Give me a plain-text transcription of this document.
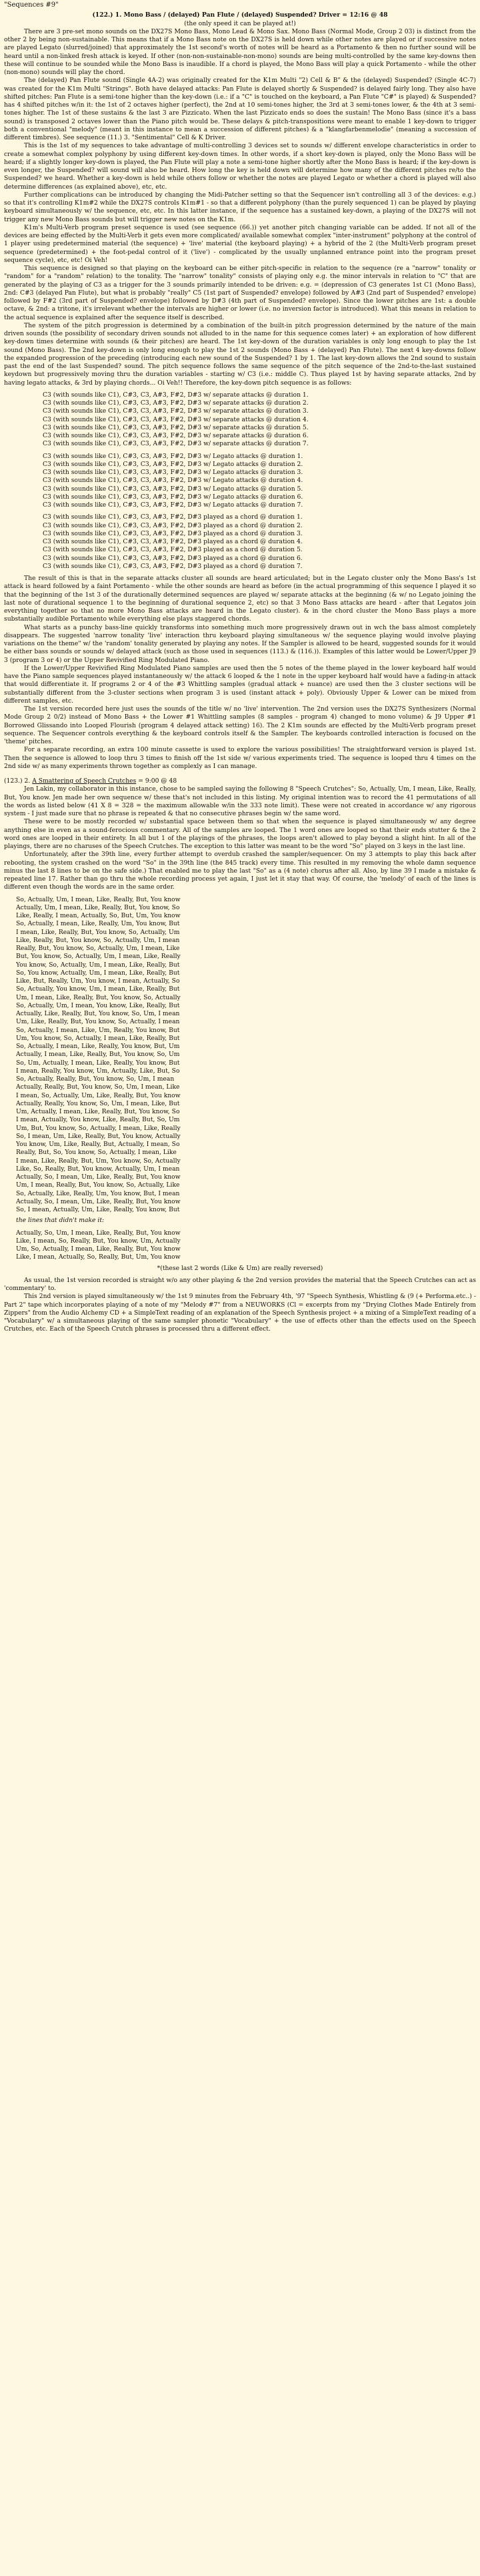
"Sequences #9"
(122.) 1. Mono Bass / (delayed) Pan Flute / (delayed) Suspended? Driver = 12:16 @ 48
(the only speed it can be played at!)

There are 3 pre-set mono sounds on the DX27S Mono Bass, Mono Lead & Mono Sax. Mono Bass (Normal Mode, Group 2 03) is distinct from the other 2 by being non-sustainable. This means that if a Mono Bass note on the DX27S is held down while other notes are played or if successive notes are played Legato (slurred/joined) that approximately the 1st second's worth of notes will be heard as a Portamento & then no further sound will be heard until a non-linked fresh attack is keyed. If other (non-non-sustainable-non-mono) sounds are being multi-controlled by the same key-downs then these will continue to be sounded while the Mono Bass is inaudible. If a chord is played, the Mono Bass will play a quick Portamento - while the other (non-mono) sounds will play the chord.

The (delayed) Pan Flute sound (Single 4A-2) was originally created for the K1m Multi "2) Cell & B" & the (delayed) Suspended? (Single 4C-7) was created for the K1m Multi "Strings". Both have delayed attacks: Pan Flute is delayed shortly & Suspended? is delayed fairly long. They also have shifted pitches: Pan Flute is a semi-tone higher than the key-down (i.e.: if a "C" is touched on the keyboard, a Pan Flute "C#" is played) & Suspended? has 4 shifted pitches w/in it: the 1st of 2 octaves higher (perfect), the 2nd at 10 semi-tones higher, the 3rd at 3 semi-tones lower, & the 4th at 3 semi-tones higher. The 1st of these sustains & the last 3 are Pizzicato. When the last Pizzicato ends so does the sustain! The Mono Bass (since it's a bass sound) is transposed 2 octaves lower than the Piano pitch would be. These delays & pitch-transpositions were meant to enable 1 key-down to trigger both a conventional "melody" (meant in this instance to mean a succession of different pitches) & a "klangfarbenmelodie" (meaning a succession of different timbres). See sequence (11.) 3. "Sentimental" Cell & K Driver.

This is the 1st of my sequences to take advantage of multi-controlling 3 devices set to sounds w/ different envelope characteristics in order to create a somewhat complex polyphony by using different key-down times. In other words, if a short key-down is played, only the Mono Bass will be heard; if a slightly longer key-down is played, the Pan Flute will play a note a semi-tone higher shortly after the Mono Bass is heard; if the key-down is even longer, the Suspended? will sound will also be heard. How long the key is held down will determine how many of the different pitches re/to the Suspended? we heard. Whether a key-down is held while others follow or whether the notes are played Legato or whether a chord is played will also determine differences (as explained above), etc, etc.

Further complications can be introduced by changing the Midi-Patcher setting so that the Sequencer isn't controlling all 3 of the devices: e.g.) so that it's controlling K1m#2 while the DX27S controls K1m#1 - so that a different polyphony (than the purely sequenced 1) can be played by playing keyboard simultaneously w/ the sequence, etc, etc. In this latter instance, if the sequence has a sustained key-down, a playing of the DX27S will not trigger any new Mono Bass sounds but will trigger new notes on the K1m.

K1m's Multi-Verb program preset sequence is used (see sequence (66.)) yet another pitch changing variable can be added. If not all of the devices are being effected by the Multi-Verb it gets even more complicated/ available somewhat complex "inter-instrument" polyphony at the control of 1 player using predetermined material (the sequence) + 'live' material (the keyboard playing) + a hybrid of the 2 (the Multi-Verb program preset sequence (predetermined) + the foot-pedal control of it ('live') - complicated by the usually unplanned entrance point into the program preset sequence cycle), etc, etc! Oi Veh!

This sequence is designed so that playing on the keyboard can be either pitch-specific in relation to the sequence (re a "narrow" tonality or "random" for a "random" relation) to the tonality. The "narrow" tonality" consists of playing only e.g. the minor intervals in relation to "C" that are generated by the playing of C3 as a trigger for the 3 sounds primarily intended to be driven: e.g. = (depression of C3 generates 1st C1 (Mono Bass), 2nd: C#3 (delayed Pan Flute), but what is probably "really" C5 (1st part of Suspended? envelope) followed by A#3 (2nd part of Suspended? envelope) followed by F#2 (3rd part of Suspended? envelope) followed by D#3 (4th part of Suspended? envelope). Since the lower pitches are 1st: a double octave, & 2nd: a tritone, it's irrelevant whether the intervals are higher or lower (i.e. no inversion factor is introduced). What this means in relation to the actual sequence is explained after the sequence itself is described.

The system of the pitch progression is determined by a combination of the built-in pitch progression determined by the nature of the main driven sounds (the possibility of secondary driven sounds not alluded to in the name for this sequence comes later) + an exploration of how different key-down times determine with sounds (& their pitches) are heard. The 1st key-down of the duration variables is only long enough to play the 1st sound (Mono Bass). The 2nd key-down is only long enough to play the 1st 2 sounds (Mono Bass + (delayed) Pan Flute). The next 4 key-downs follow the expanded progression of the preceding (introducing each new sound of the Suspended? 1 by 1. The last key-down allows the 2nd sound to sustain past the end of the last Suspended? sound. The pitch sequence follows the same sequence of the pitch sequence of the 2nd-to-the-last sustained keydown but progressively moving thru the duration variables - starting w/ C3 (i.e.: middle C). Thus played 1st by having separate attacks, 2nd by having legato attacks, & 3rd by playing chords... Oi Veh!! Therefore, the key-down pitch sequence is as follows:

C3 (with sounds like C1), C#3, C3, A#3, F#2, D#3 w/ separate attacks @ duration 1.
C3 (with sounds like C1), C#3, C3, A#3, F#2, D#3 w/ separate attacks @ duration 2.
C3 (with sounds like C1), C#3, C3, A#3, F#2, D#3 w/ separate attacks @ duration 3.
C3 (with sounds like C1), C#3, C3, A#3, F#2, D#3 w/ separate attacks @ duration 4.
C3 (with sounds like C1), C#3, C3, A#3, F#2, D#3 w/ separate attacks @ duration 5.
C3 (with sounds like C1), C#3, C3, A#3, F#2, D#3 w/ separate attacks @ duration 6.
C3 (with sounds like C1), C#3, C3, A#3, F#2, D#3 w/ separate attacks @ duration 7.
C3 (with sounds like C1), C#3, C3, A#3, F#2, D#3 w/ Legato attacks @ duration 1.
C3 (with sounds like C1), C#3, C3, A#3, F#2, D#3 w/ Legato attacks @ duration 2.
C3 (with sounds like C1), C#3, C3, A#3, F#2, D#3 w/ Legato attacks @ duration 3.
C3 (with sounds like C1), C#3, C3, A#3, F#2, D#3 w/ Legato attacks @ duration 4.
C3 (with sounds like C1), C#3, C3, A#3, F#2, D#3 w/ Legato attacks @ duration 5.
C3 (with sounds like C1), C#3, C3, A#3, F#2, D#3 w/ Legato attacks @ duration 6.
C3 (with sounds like C1), C#3, C3, A#3, F#2, D#3 w/ Legato attacks @ duration 7.
C3 (with sounds like C1), C#3, C3, A#3, F#2, D#3 played as a chord @ duration 1.
C3 (with sounds like C1), C#3, C3, A#3, F#2, D#3 played as a chord @ duration 2.
C3 (with sounds like C1), C#3, C3, A#3, F#2, D#3 played as a chord @ duration 3.
C3 (with sounds like C1), C#3, C3, A#3, F#2, D#3 played as a chord @ duration 4.
C3 (with sounds like C1), C#3, C3, A#3, F#2, D#3 played as a chord @ duration 5.
C3 (with sounds like C1), C#3, C3, A#3, F#2, D#3 played as a chord @ duration 6.
C3 (with sounds like C1), C#3, C3, A#3, F#2, D#3 played as a chord @ duration 7.

The result of this is that in the separate attacks cluster all sounds are heard articulated; but in the Legato cluster only the Mono Bass's 1st attack is heard followed by a faint Portamento - while the other sounds are heard as before (in the actual programming of this sequence I played it so that the beginning of the 1st 3 of the durationally determined sequences are played w/ separate attacks at the beginning (& w/ no Legato joining the last note of durational sequence 1 to the beginning of durational sequence 2, etc) so that 3 Mono Bass attacks are heard - after that Legatos join everything together so that no more Mono Bass attacks are heard in the Legato cluster). & in the chord cluster the Mono Bass plays a more substantially audible Portamento while everything else plays staggered chords.

What starts as a punchy bass-line quickly transforms into something much more progressively drawn out in wch the bass almost completely disappears. The suggested 'narrow tonality 'live' interaction thru keyboard playing simultaneous w/ the sequence playing would involve playing variations on the theme" w/ the 'random' tonality generated by playing any notes. If the Sampler is allowed to be heard, suggested sounds for it would be either bass sounds or sounds w/ delayed attack (such as those used in sequences (113.) & (116.)). Examples of this latter would be Lower/Upper J9 3 (program 3 or 4) or the Upper Revivified Ring Modulated Piano.

If the Lower/Upper Revivified Ring Modulated Piano samples are used then the 5 notes of the theme played in the lower keyboard half would have the Piano sample sequences played instantaneously w/ the attack 6 looped & the 1 note in the upper keyboard half would have a fading-in attack that would differentiate it. If programs 2 or 4 of the #3 Whittling samples (gradual attack + nuance) are used then the 3 cluster sections will be substantially different from the 3-cluster sections when program 3 is used (instant attack + poly). Obviously Upper & Lower can be mixed from different samples, etc.

The 1st version recorded here just uses the sounds of the title w/ no 'live' intervention. The 2nd version uses the DX27S Synthesizers (Normal Mode Group 2 0/2) instead of Mono Bass + the Lower #1 Whittling samples (8 samples - program 4) changed to mono volume) & J9 Upper #1 Borrowed Glissando into Looped Flourish (program 4 delayed attack setting) 16). The 2 K1m sounds are effected by the Multi-Verb program preset sequence. The Sequencer controls everything & the keyboard controls itself & the Sampler. The keyboards controlled interaction is focused on the 'theme' pitches.

For a separate recording, an extra 100 minute cassette is used to explore the various possibilities! The straightforward version is played 1st. Then the sequence is allowed to loop thru 3 times to finish off the 1st side w/ various experiments tried. The sequence is looped thru 4 times on the 2nd side w/ as many experiments thrown together as complexly as I can manage.

(123.) 2. A Smattering of Speech Crutches = 9:00 @ 48

Jen Lakin, my collaborator in this instance, chose to be sampled saying the following 8 "Speech Crutches": So, Actually, Um, I mean, Like, Really, But, You know. Jen made her own sequence w/ these that's not included in this listing. My original intention was to record the 41 permutations of all the words as listed below (41 X 8 = 328 = the maximum allowable w/in the 333 note limit). These were not created in accordance w/ any rigorous system - I just made sure that no phrase is repeated & that no consecutive phrases begin w/ the same word.

These were to be mostly recorded w/ substantial space between them so that when the sequence is played simultaneously w/ any degree anything else in even as a sound-ferocious commentary. All of the samples are looped. The 1 word ones are looped so that their ends stutter & the 2 word ones are looped in their entirety. In all but 1 of the playings of the phrases, the loops aren't allowed to play beyond a slight hint. In all of the playings, there are no charuses of the Speech Crutches. The exception to this latter was meant to be the word "So" played on 3 keys in the last line.

Unfortunately, after the 39th line, every further attempt to overdub crashed the sampler/sequencer. On my 3 attempts to play this back after rebooting, the system crashed on the word "So" in the 39th line (the 845 track) every time. This resulted in my removing the whole damn sequence minus the last 8 lines to be on the safe side.) That enabled me to play the last "So" as a (4 note) chorus after all. Also, by line 39 I made a mistake & repeated line 17. Rather than go thru the whole recording process yet again, I just let it stay that way. Of course, the 'melody' of each of the lines is different even though the words are in the same order.

So, Actually, Um, I mean, Like, Really, But, You know
Actually, Um, I mean, Like, Really, But, You know, So
Like, Really, I mean, Actually, So, But, Um, You know
So, Actually, I mean, Like, Really, Um, You know, But
I mean, Like, Really, But, You know, So, Actually, Um
Like, Really, But, You know, So, Actually, Um, I mean
Really, But, You know, So, Actually, Um, I mean, Like
But, You know, So, Actually, Um, I mean, Like, Really
You know, So, Actually, Um, I mean, Like, Really, But
So, You know, Actually, Um, I mean, Like, Really, But
Like, But, Really, Um, You know, I mean, Actually, So
So, Actually, You know, Um, I mean, Like, Really, But
Um, I mean, Like, Really, But, You know, So, Actually
So, Actually, Um, I mean, You know, Like, Really, But
Actually, Like, Really, But, You know, So, Um, I mean
Um, Like, Really, But, You know, So, Actually, I mean
So, Actually, I mean, Like, Um, Really, You know, But
Um, You know, So, Actually, I mean, Like, Really, But
So, Actually, I mean, Like, Really, You know, But, Um
Actually, I mean, Like, Really, But, You know, So, Um
So, Um, Actually, I mean, Like, Really, You know, But
I mean, Really, You know, Um, Actually, Like, But, So
So, Actually, Really, But, You know, So, Um, I mean
Actually, Really, But, You know, So, Um, I mean, Like
I mean, So, Actually, Um, Like, Really, But, You know
Actually, Really, You know, So, Um, I mean, Like, But
Um, Actually, I mean, Like, Really, But, You know, So
I mean, Actually, You know, Like, Really, But, So, Um
Um, But, You know, So, Actually, I mean, Like, Really
So, I mean, Um, Like, Really, But, You know, Actually
You know, Um, Like, Really, But, Actually, I mean, So
Really, But, So, You know, So, Actually, I mean, Like
I mean, Like, Really, But, Um, You know, So, Actually
Like, So, Really, But, You know, Actually, Um, I mean
Actually, So, I mean, Um, Like, Really, But, You know
Um, I mean, Really, But, You know, So, Actually, Like
So, Actually, Like, Really, Um, You know, But, I mean
Actually, So, I mean, Um, Like, Really, But, You know
So, I mean, Actually, Um, Like, Really, You know, But
the lines that didn't make it:
Actually, So, Um, I mean, Like, Really, But, You know
Like, I mean, So, Really, But, You know, Um, Actually
Um, So, Actually, I mean, Like, Really, But, You know
Like, I mean, Actually, So, Really, But, Um, You know
*(these last 2 words (Like & Um) are really reversed)

As usual, the 1st version recorded is straight w/o any other playing & the 2nd version provides the material that the Speech Crutches can act as 'commentary' to.

This 2nd version is played simultaneously w/ the 1st 9 minutes from the February 4th, '97 "Speech Synthesis, Whistling & (9 (+ Performa.etc..) - Part 2" tape which incorporates playing of a note of my "Melody #7" from a NEUWORKS (Cl = excerpts from my "Drying Clothes Made Entirely from Zippers" from the Audio Alchemy CD + a SimpleText reading of an explanation of the Speech Synthesis project + a mixing of a SimpleText reading of a "Vocabulary" w/ a simultaneous playing of the same sampler phonetic "Vocabulary" + the use of effects other than the effects used on the Speech Crutches, etc. Each of the Speech Crutch phrases is processed thru a different effect.
